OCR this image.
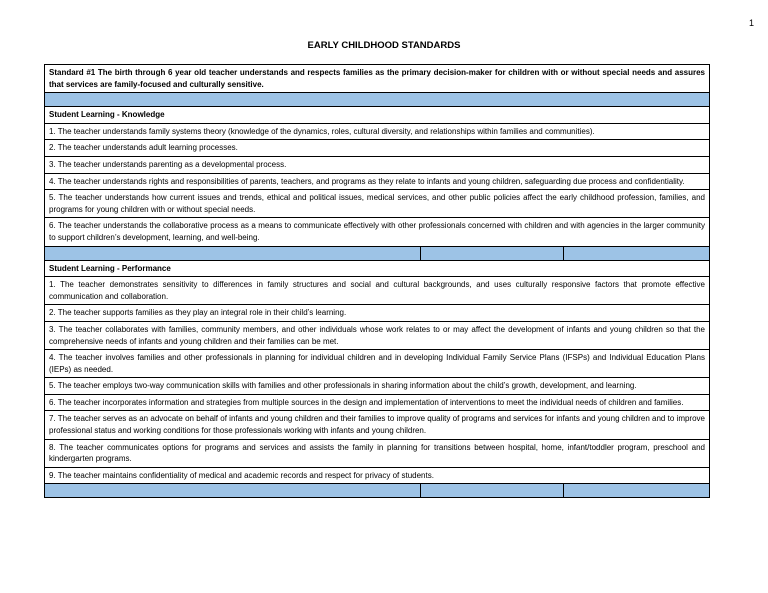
1
EARLY CHILDHOOD STANDARDS
Standard #1 The birth through 6 year old teacher understands and respects families as the primary decision-maker for children with or without special needs and assures that services are family-focused and culturally sensitive.		

Student Learning - Knowledge		
1. The teacher understands family systems theory (knowledge of the dynamics, roles, cultural diversity, and relationships within families and communities).		
2. The teacher understands adult learning processes.		
3. The teacher understands parenting as a developmental process.		
4. The teacher understands rights and responsibilities of parents, teachers, and programs as they relate to infants and young children, safeguarding due process and confidentiality.		
5. The teacher understands how current issues and trends, ethical and political issues, medical services, and other public policies affect the early childhood profession, families, and programs for young children with or without special needs.		
6. The teacher understands the collaborative process as a means to communicate effectively with other professionals concerned with children and with agencies in the larger community to support children’s development, learning, and well-being.		

Student Learning - Performance		
1. The teacher demonstrates sensitivity to differences in family structures and social and cultural backgrounds, and uses culturally responsive factors that promote effective communication and collaboration.		
2. The teacher supports families as they play an integral role in their child’s learning.		
3. The teacher collaborates with families, community members, and other individuals whose work relates to or may affect the development of infants and young children so that the comprehensive needs of infants and young children and their families can be met.		
4. The teacher involves families and other professionals in planning for individual children and in developing Individual Family Service Plans (IFSPs) and Individual Education Plans (IEPs) as needed.		
5. The teacher employs two-way communication skills with families and other professionals in sharing information about the child’s growth, development, and learning.		
6. The teacher incorporates information and strategies from multiple sources in the design and implementation of interventions to meet the individual needs of children and families.		
7. The teacher serves as an advocate on behalf of infants and young children and their families to improve quality of programs and services for infants and young children and to improve professional status and working conditions for those professionals working with infants and young children.		
8. The teacher communicates options for programs and services and assists the family in planning for transitions between hospital, home, infant/toddler program, preschool and kindergarten programs.		
9. The teacher maintains confidentiality of medical and academic records and respect for privacy of students.		
